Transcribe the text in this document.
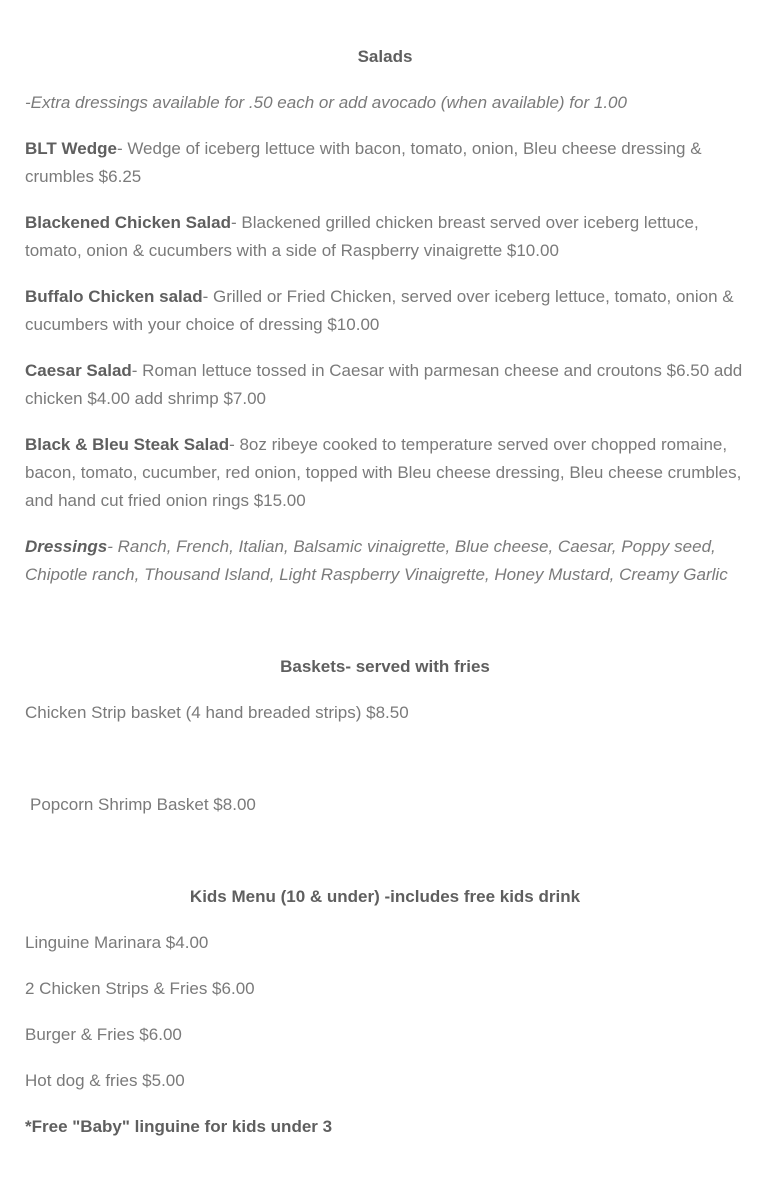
Salads

-Extra dressings available for .50 each or add avocado (when available) for 1.00

BLT Wedge- Wedge of iceberg lettuce with bacon, tomato, onion, Bleu cheese dressing & crumbles $6.25

Blackened Chicken Salad- Blackened grilled chicken breast served over iceberg lettuce, tomato, onion & cucumbers with a side of Raspberry vinaigrette $10.00

Buffalo Chicken salad- Grilled or Fried Chicken, served over iceberg lettuce, tomato, onion & cucumbers with your choice of dressing $10.00

Caesar Salad- Roman lettuce tossed in Caesar with parmesan cheese and croutons $6.50 add chicken $4.00 add shrimp $7.00

Black & Bleu Steak Salad- 8oz ribeye cooked to temperature served over chopped romaine, bacon, tomato, cucumber, red onion, topped with Bleu cheese dressing, Bleu cheese crumbles, and hand cut fried onion rings $15.00

Dressings- Ranch, French, Italian, Balsamic vinaigrette, Blue cheese, Caesar, Poppy seed, Chipotle ranch, Thousand Island, Light Raspberry Vinaigrette, Honey Mustard, Creamy Garlic

Baskets- served with fries

Chicken Strip basket (4 hand breaded strips) $8.50

Popcorn Shrimp Basket $8.00

Kids Menu (10 & under) -includes free kids drink

Linguine Marinara $4.00

2 Chicken Strips & Fries $6.00

Burger & Fries $6.00

Hot dog & fries $5.00

*Free "Baby" linguine for kids under 3
